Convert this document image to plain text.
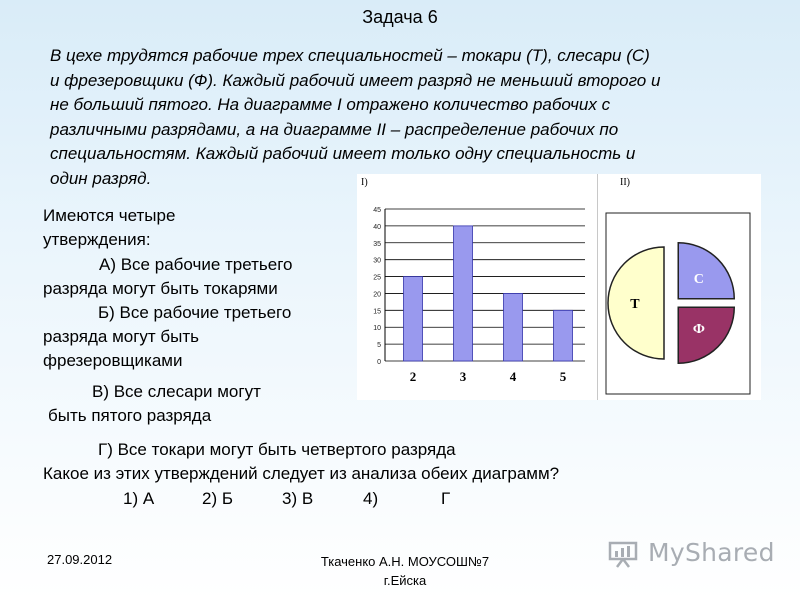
Задача 6
В цехе трудятся рабочие трех специальностей – токари (Т), слесари (С)
и фрезеровщики (Ф). Каждый рабочий имеет разряд не меньший второго и
не больший пятого. На диаграмме I отражено количество рабочих с
различными разрядами, а на диаграмме II – распределение рабочих по
специальностям. Каждый рабочий имеет только одну специальность и
один разряд.
Имеются четыре
утверждения:
А) Все рабочие третьего
разряда могут быть токарями
Б) Все рабочие третьего
разряда могут быть
фрезеровщиками
В) Все слесари могут
быть пятого разряда
Г) Все токари могут быть четвертого разряда
Какое из этих утверждений следует из анализа обеих диаграмм?
1) А	2) Б	3) В	4)	Г
I)
0
5
10
15
20
25
30
35
40
45
2	3	4	5
II)
Т
С
Ф
27.09.2012	Ткаченко А.Н. МОУСОШ№7
г.Ейска
MyShared
